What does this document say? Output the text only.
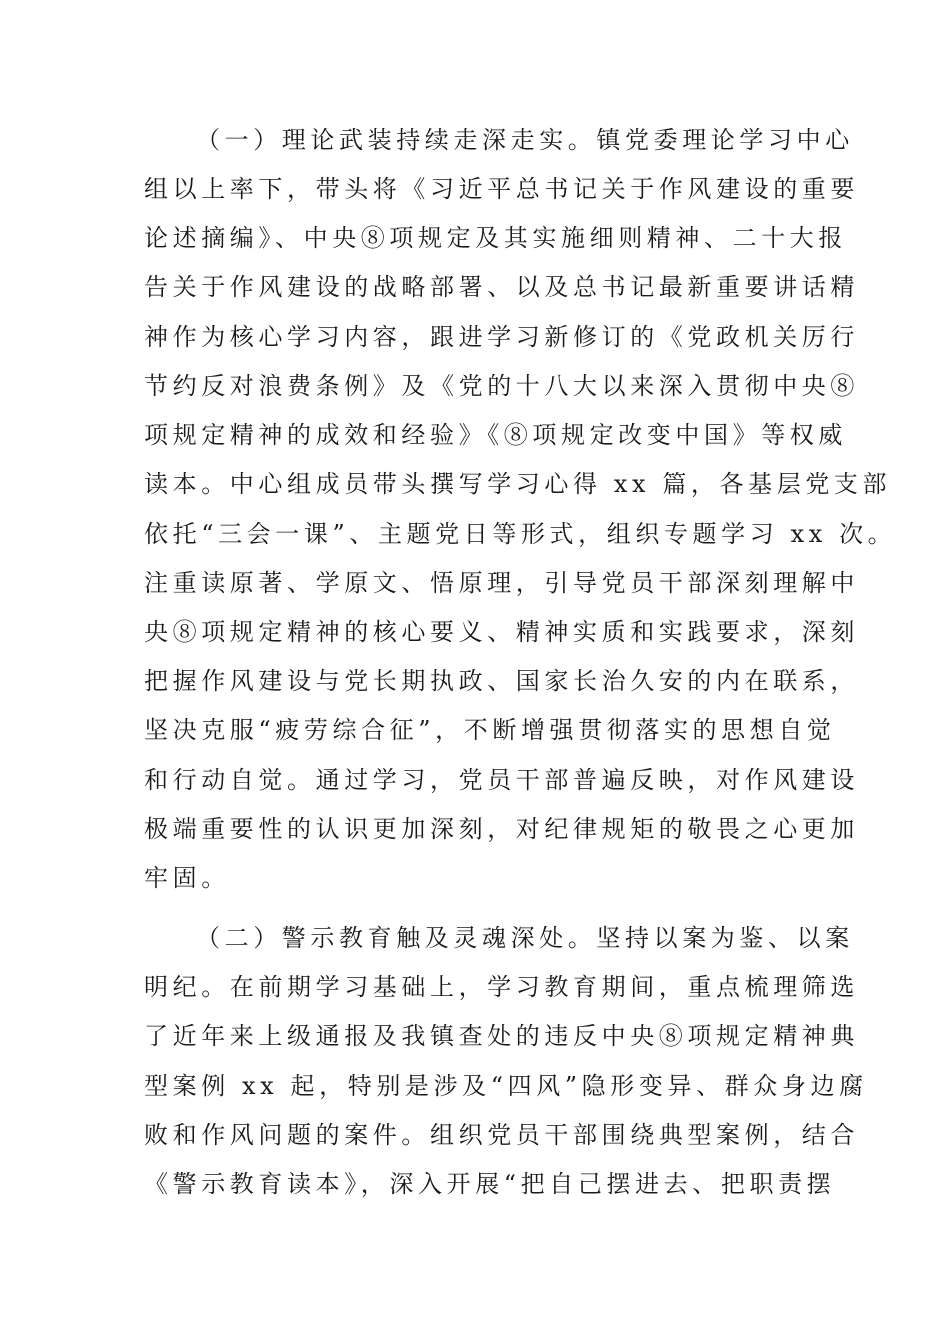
（一）理论武装持续走深走实。镇党委理论学习中心
组以上率下，带头将《习近平总书记关于作风建设的重要
论述摘编》、中央⑧项规定及其实施细则精神、二十大报
告关于作风建设的战略部署、以及总书记最新重要讲话精
神作为核心学习内容，跟进学习新修订的《党政机关厉行
节约反对浪费条例》及《党的十八大以来深入贯彻中央⑧
项规定精神的成效和经验》《⑧项规定改变中国》等权威
读本。中心组成员带头撰写学习心得 xx 篇，各基层党支部
依托“三会一课”、主题党日等形式，组织专题学习 xx 次。
注重读原著、学原文、悟原理，引导党员干部深刻理解中
央⑧项规定精神的核心要义、精神实质和实践要求，深刻
把握作风建设与党长期执政、国家长治久安的内在联系，
坚决克服“疲劳综合征”，不断增强贯彻落实的思想自觉
和行动自觉。通过学习，党员干部普遍反映，对作风建设
极端重要性的认识更加深刻，对纪律规矩的敬畏之心更加
牢固。
（二）警示教育触及灵魂深处。坚持以案为鉴、以案
明纪。在前期学习基础上，学习教育期间，重点梳理筛选
了近年来上级通报及我镇查处的违反中央⑧项规定精神典
型案例 xx 起，特别是涉及“四风”隐形变异、群众身边腐
败和作风问题的案件。组织党员干部围绕典型案例，结合
《警示教育读本》，深入开展“把自己摆进去、把职责摆
